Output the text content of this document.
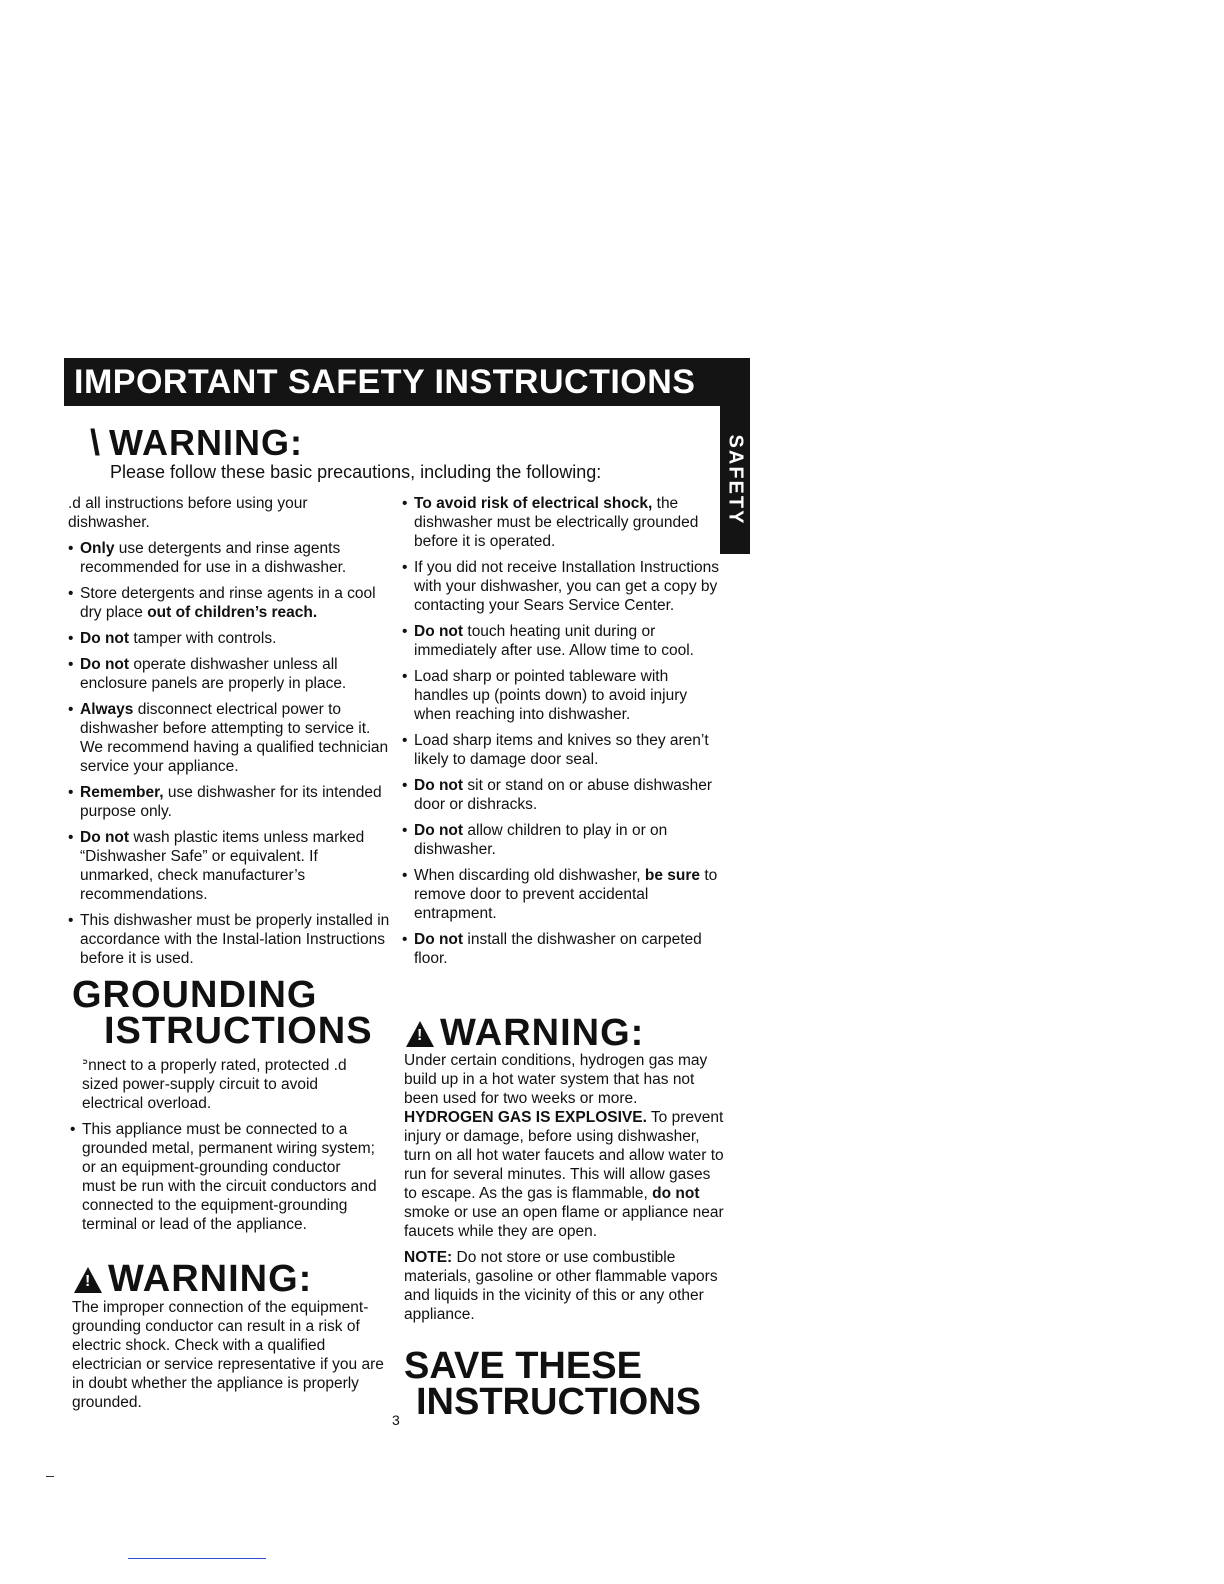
IMPORTANT SAFETY INSTRUCTIONS
SAFETY
\ WARNING:
Please follow these basic precautions, including the following:

.d all instructions before using your dishwasher.

• Only use detergents and rinse agents recommended for use in a dishwasher.

• Store detergents and rinse agents in a cool dry place out of children’s reach.

• Do not tamper with controls.

• Do not operate dishwasher unless all enclosure panels are properly in place.

• Always disconnect electrical power to dishwasher before attempting to service it. We recommend having a qualified technician service your appliance.

• Remember, use dishwasher for its intended purpose only.

• Do not wash plastic items unless marked “Dishwasher Safe” or equivalent. If unmarked, check manufacturer’s recommendations.

• This dishwasher must be properly installed in accordance with the Instal-lation Instructions before it is used.

• To avoid risk of electrical shock, the dishwasher must be electrically grounded before it is operated.

• If you did not receive Installation Instructions with your dishwasher, you can get a copy by contacting your Sears Service Center.

• Do not touch heating unit during or immediately after use. Allow time to cool.

• Load sharp or pointed tableware with handles up (points down) to avoid injury when reaching into dishwasher.

• Load sharp items and knives so they aren’t likely to damage door seal.

• Do not sit or stand on or abuse dishwasher door or dishracks.

• Do not allow children to play in or on dishwasher.

• When discarding old dishwasher, be sure to remove door to prevent accidental entrapment.

• Do not install the dishwasher on carpeted floor.

GROUNDING
ISTRUCTIONS

ᐣnnect to a properly rated, protected .d sized power-supply circuit to avoid electrical overload.

• This appliance must be connected to a grounded metal, permanent wiring system; or an equipment-grounding conductor must be run with the circuit conductors and connected to the equipment-grounding terminal or lead of the appliance.

!WARNING:

The improper connection of the equipment-grounding conductor can result in a risk of electric shock. Check with a qualified electrician or service representative if you are in doubt whether the appliance is properly grounded.

!WARNING:

Under certain conditions, hydrogen gas may build up in a hot water system that has not been used for two weeks or more. HYDROGEN GAS IS EXPLOSIVE. To prevent injury or damage, before using dishwasher, turn on all hot water faucets and allow water to run for several minutes. This will allow gases to escape. As the gas is flammable, do not smoke or use an open flame or appliance near faucets while they are open.

NOTE: Do not store or use combustible materials, gasoline or other flammable vapors and liquids in the vicinity of this or any other appliance.

SAVE THESE
INSTRUCTIONS
3
